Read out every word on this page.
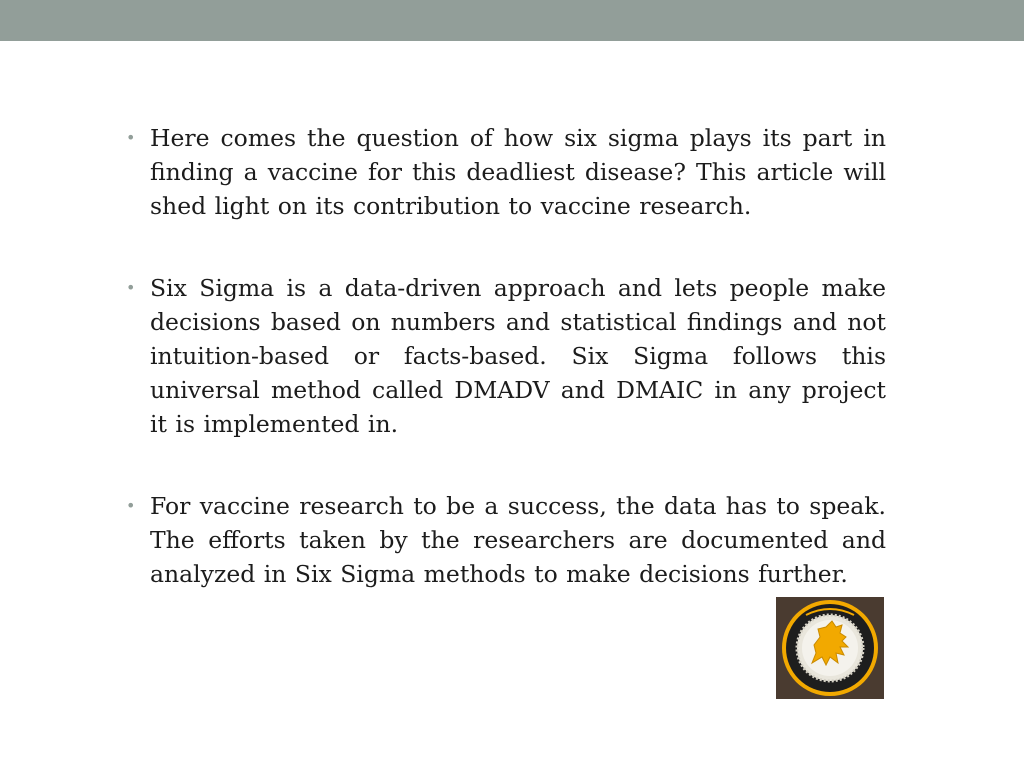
• Here comes the question of how six sigma plays its part in finding a vaccine for this deadliest disease? This article will shed light on its contribution to vaccine research.
• Six Sigma is a data-driven approach and lets people make decisions based on numbers and statistical findings and not intuition-based or facts-based. Six Sigma follows this universal method called DMADV and DMAIC in any project it is implemented in.
• For vaccine research to be a success, the data has to speak. The efforts taken by the researchers are documented and analyzed in Six Sigma methods to make decisions further.
